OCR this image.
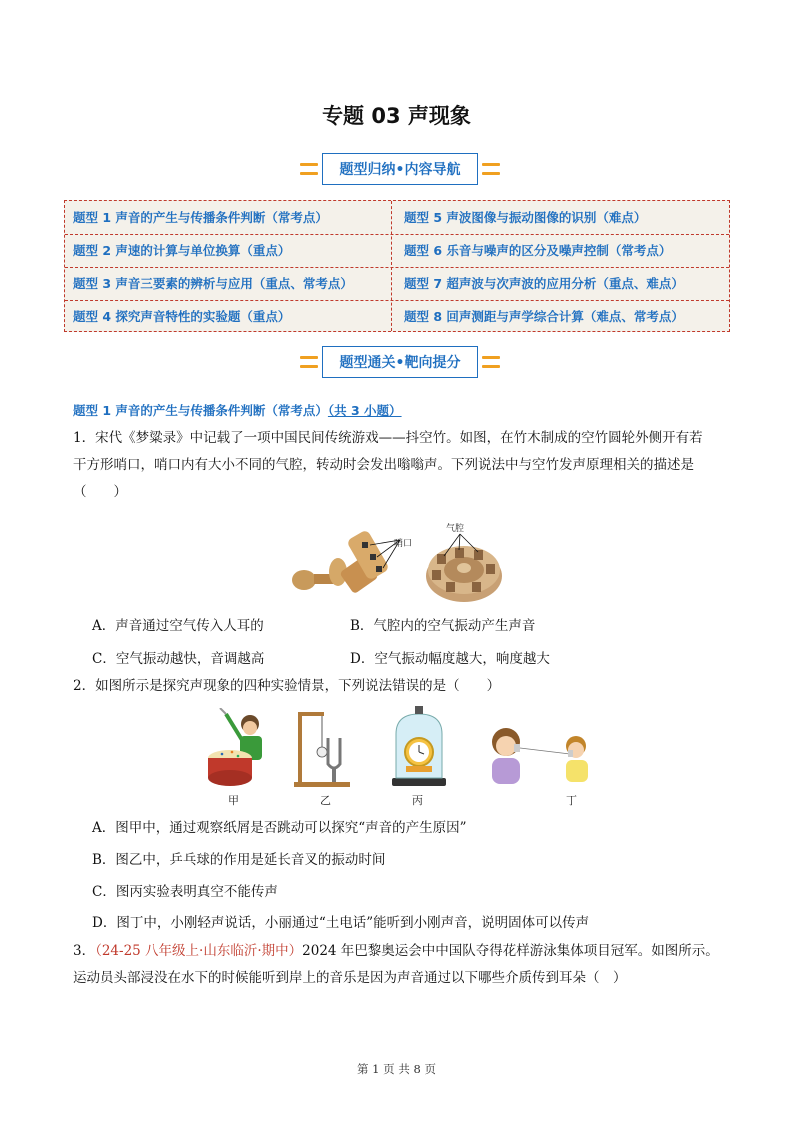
专题 03 声现象
题型归纳•内容导航
题型 1 声音的产生与传播条件判断（常考点）	题型 5 声波图像与振动图像的识别（难点）
题型 2 声速的计算与单位换算（重点）	题型 6 乐音与噪声的区分及噪声控制（常考点）
题型 3 声音三要素的辨析与应用（重点、常考点）	题型 7 超声波与次声波的应用分析（重点、难点）
题型 4 探究声音特性的实验题（重点）	题型 8 回声测距与声学综合计算（难点、常考点）
题型通关•靶向提分
题型 1 声音的产生与传播条件判断（常考点）（共 3 小题）
1．宋代《梦粱录》中记载了一项中国民间传统游戏——抖空竹。如图，在竹木制成的空竹圆轮外侧开有若
干方形哨口，哨口内有大小不同的气腔，转动时会发出嗡嗡声。下列说法中与空竹发声原理相关的描述是
（　　）
哨口
气腔
A．声音通过空气传入人耳的	B．气腔内的空气振动产生声音
C．空气振动越快，音调越高	D．空气振动幅度越大，响度越大
2．如图所示是探究声现象的四种实验情景，下列说法错误的是（　　）
甲	乙	丙	丁
A．图甲中，通过观察纸屑是否跳动可以探究“声音的产生原因”
B．图乙中，乒乓球的作用是延长音叉的振动时间
C．图丙实验表明真空不能传声
D．图丁中，小刚轻声说话，小丽通过“土电话”能听到小刚声音，说明固体可以传声
3．（24-25 八年级上·山东临沂·期中）2024 年巴黎奥运会中中国队夺得花样游泳集体项目冠军。如图所示。
运动员头部浸没在水下的时候能听到岸上的音乐是因为声音通过以下哪些介质传到耳朵（　）
第 1 页 共 8 页
